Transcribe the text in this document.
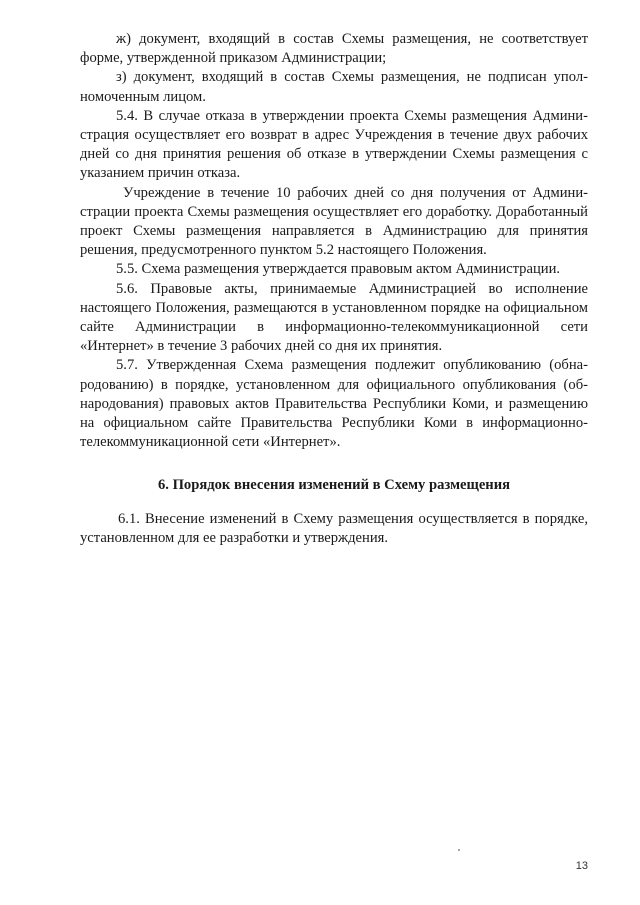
ж) документ, входящий в состав Схемы размещения, не соответствует форме, утвержденной приказом Администрации;

з) документ, входящий в состав Схемы размещения, не подписан уполномоченным лицом.

5.4. В случае отказа в утверждении проекта Схемы размещения Администрация осуществляет его возврат в адрес Учреждения в течение двух рабочих дней со дня принятия решения об отказе в утверждении Схемы размещения с указанием причин отказа.

Учреждение в течение 10 рабочих дней со дня получения от Администрации проекта Схемы размещения осуществляет его доработку. Доработанный проект Схемы размещения направляется в Администрацию для принятия решения, предусмотренного пунктом 5.2 настоящего Положения.

5.5. Схема размещения утверждается правовым актом Администрации.

5.6. Правовые акты, принимаемые Администрацией во исполнение настоящего Положения, размещаются в установленном порядке на официальном сайте Администрации в информационно-телекоммуникационной сети «Интернет» в течение 3 рабочих дней со дня их принятия.

5.7. Утвержденная Схема размещения подлежит опубликованию (обнародованию) в порядке, установленном для официального опубликования (обнародования) правовых актов Правительства Республики Коми, и размещению на официальном сайте Правительства Республики Коми в информационно-телекоммуникационной сети «Интернет».

6. Порядок внесения изменений в Схему размещения

6.1. Внесение изменений в Схему размещения осуществляется в порядке, установленном для ее разработки и утверждения.

13
